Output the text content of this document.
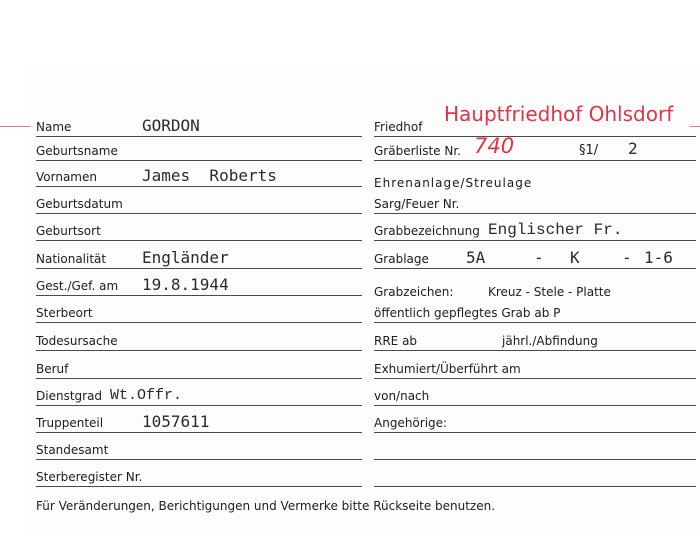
Name	GORDON
Geburtsname
Vornamen	James  Roberts
Geburtsdatum
Geburtsort
Nationalität Engländer
Gest./Gef. am 19.8.1944
Sterbeort
Todesursache
Beruf
Dienstgrad Wt.Offr.
Truppenteil 1057611
Standesamt
Sterberegister Nr.
Friedhof
Hauptfriedhof Ohlsdorf
Gräberliste Nr.	§1/ 2
740
Ehrenanlage/Streulage
Sarg/Feuer Nr.
Grabbezeichnung Englischer Fr.
Grablage 5A	- K	- 1-6
Grabzeichen:	Kreuz - Stele - Platte
öffentlich gepflegtes Grab ab P
RRE ab	jährl./Abfindung
Exhumiert/Überführt am
von/nach
Angehörige:
Für Veränderungen, Berichtigungen und Vermerke bitte Rückseite benutzen.
